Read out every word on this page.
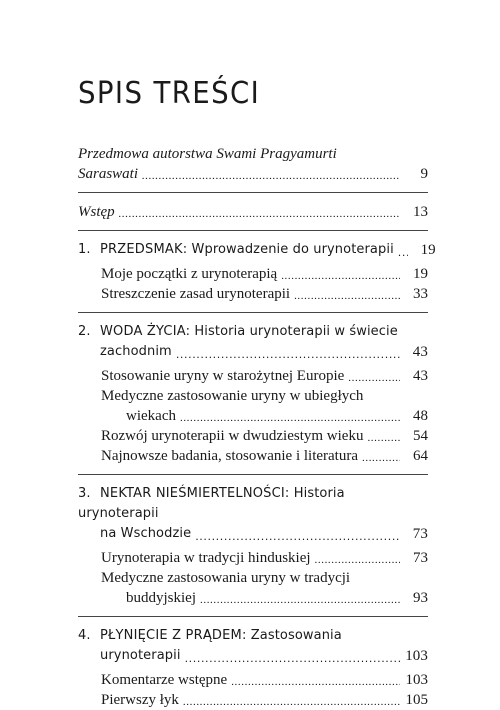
SPIS TREŚCI
Przedmowa autorstwa Swami Pragyamurti
Saraswati .....	9
Wstęp .....	13
1. PRZEDSMAK: Wprowadzenie do urynoterapii .....	19
Moje początki z urynoterapią .....	19
Streszczenie zasad urynoterapii .....	33
2. WODA ŻYCIA: Historia urynoterapii w świecie
zachodnim .....	43
Stosowanie uryny w starożytnej Europie .....	43
Medyczne zastosowanie uryny w ubiegłych
wiekach .....	48
Rozwój urynoterapii w dwudziestym wieku .....	54
Najnowsze badania, stosowanie i literatura .....	64
3. NEKTAR NIEŚMIERTELNOŚCI: Historia urynoterapii
na Wschodzie .....	73
Urynoterapia w tradycji hinduskiej .....	73
Medyczne zastosowania uryny w tradycji
buddyjskiej .....	93
4. PŁYNIĘCIE Z PRĄDEM: Zastosowania
urynoterapii .....	103
Komentarze wstępne .....	103
Pierwszy łyk .....	105
